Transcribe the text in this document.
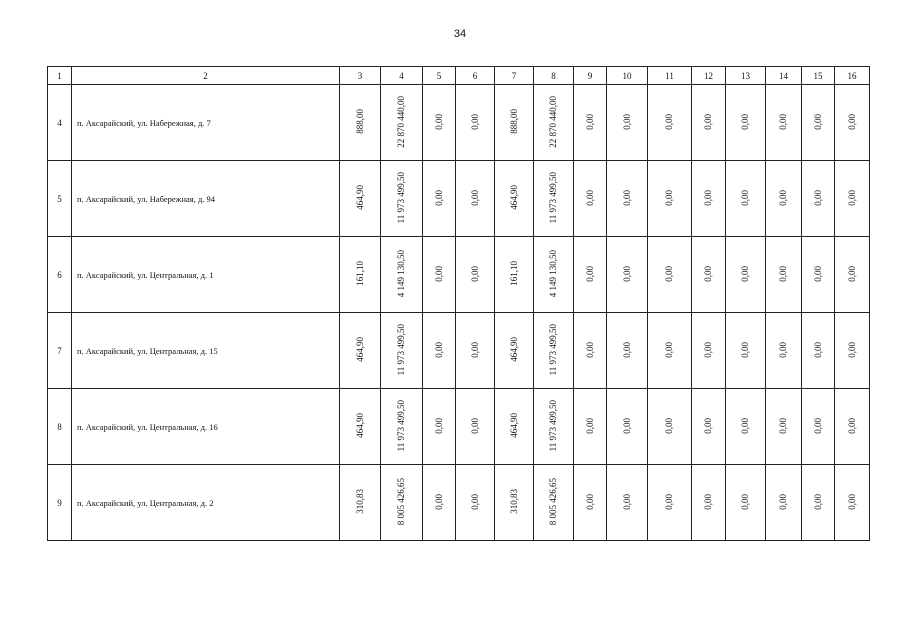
34
1	2	3	4	5	6	7	8	9	10	11	12	13	14	15	16
4	п. Аксарайский, ул. Набережная, д. 7	888,00	22 870 440,00	0,00	0,00	888,00	22 870 440,00	0,00	0,00	0,00	0,00	0,00	0,00	0,00	0,00
5	п. Аксарайский, ул. Набережная, д. 94	464,90	11 973 499,50	0,00	0,00	464,90	11 973 499,50	0,00	0,00	0,00	0,00	0,00	0,00	0,00	0,00
6	п. Аксарайский, ул. Центральная, д. 1	161,10	4 149 130,50	0,00	0,00	161,10	4 149 130,50	0,00	0,00	0,00	0,00	0,00	0,00	0,00	0,00
7	п. Аксарайский, ул. Центральная, д. 15	464,90	11 973 499,50	0,00	0,00	464,90	11 973 499,50	0,00	0,00	0,00	0,00	0,00	0,00	0,00	0,00
8	п. Аксарайский, ул. Центральная, д. 16	464,90	11 973 499,50	0,00	0,00	464,90	11 973 499,50	0,00	0,00	0,00	0,00	0,00	0,00	0,00	0,00
9	п. Аксарайский, ул. Центральная, д. 2	310,83	8 005 426,65	0,00	0,00	310,83	8 005 426,65	0,00	0,00	0,00	0,00	0,00	0,00	0,00	0,00
